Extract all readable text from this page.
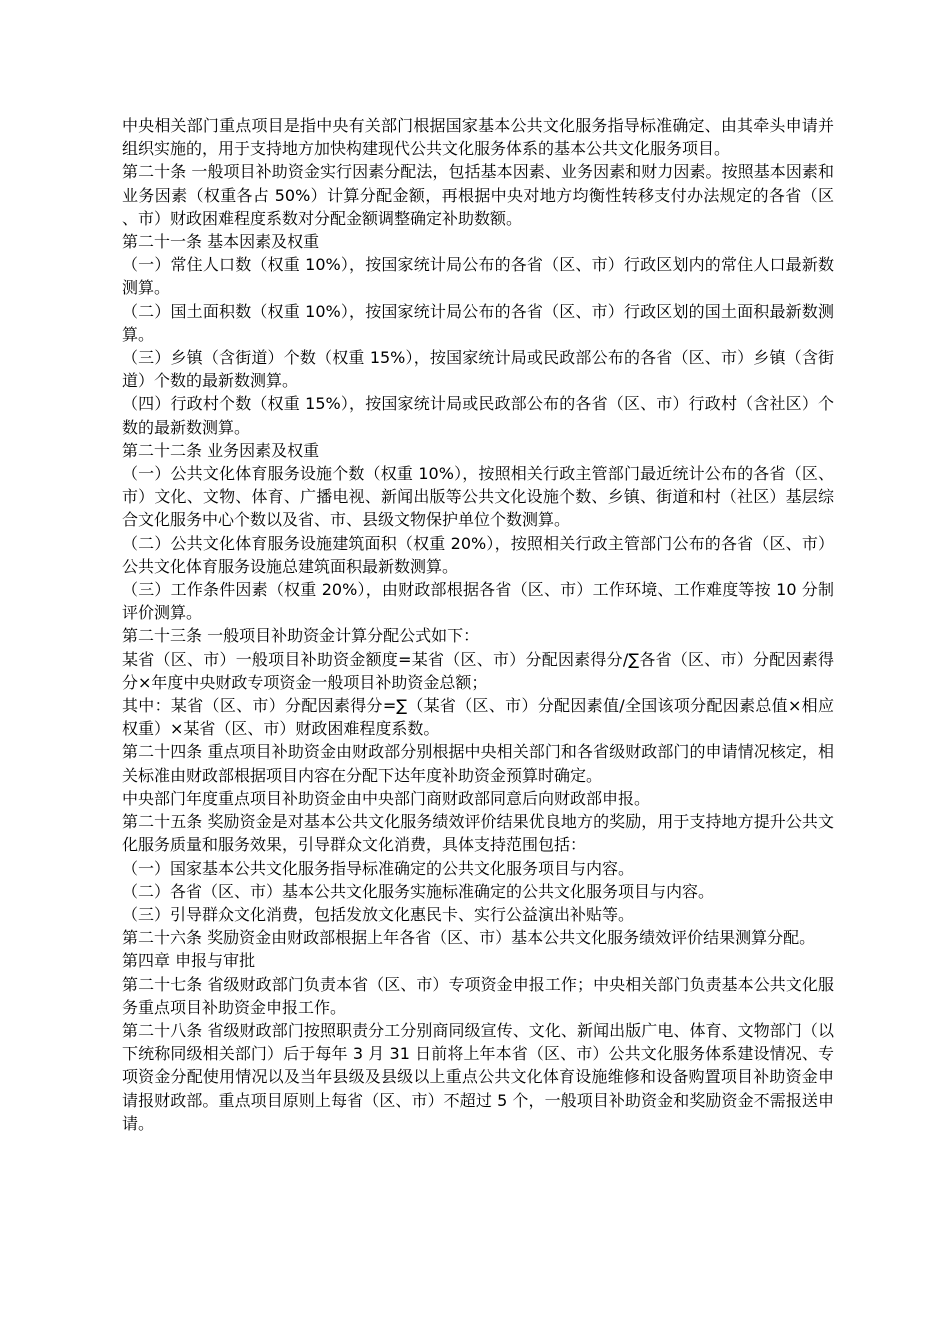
中央相关部门重点项目是指中央有关部门根据国家基本公共文化服务指导标准确定、由其牵头申请并组织实施的，用于支持地方加快构建现代公共文化服务体系的基本公共文化服务项目。

第二十条 一般项目补助资金实行因素分配法，包括基本因素、业务因素和财力因素。按照基本因素和业务因素（权重各占 50%）计算分配金额，再根据中央对地方均衡性转移支付办法规定的各省（区、市）财政困难程度系数对分配金额调整确定补助数额。

第二十一条 基本因素及权重

（一）常住人口数（权重 10%），按国家统计局公布的各省（区、市）行政区划内的常住人口最新数测算。

（二）国土面积数（权重 10%），按国家统计局公布的各省（区、市）行政区划的国土面积最新数测算。

（三）乡镇（含街道）个数（权重 15%），按国家统计局或民政部公布的各省（区、市）乡镇（含街道）个数的最新数测算。

（四）行政村个数（权重 15%），按国家统计局或民政部公布的各省（区、市）行政村（含社区）个数的最新数测算。

第二十二条 业务因素及权重

（一）公共文化体育服务设施个数（权重 10%），按照相关行政主管部门最近统计公布的各省（区、市）文化、文物、体育、广播电视、新闻出版等公共文化设施个数、乡镇、街道和村（社区）基层综合文化服务中心个数以及省、市、县级文物保护单位个数测算。

（二）公共文化体育服务设施建筑面积（权重 20%），按照相关行政主管部门公布的各省（区、市）公共文化体育服务设施总建筑面积最新数测算。

（三）工作条件因素（权重 20%），由财政部根据各省（区、市）工作环境、工作难度等按 10 分制评价测算。

第二十三条 一般项目补助资金计算分配公式如下：

某省（区、市）一般项目补助资金额度=某省（区、市）分配因素得分/∑各省（区、市）分配因素得分×年度中央财政专项资金一般项目补助资金总额；

其中：某省（区、市）分配因素得分=∑（某省（区、市）分配因素值/全国该项分配因素总值×相应权重）×某省（区、市）财政困难程度系数。

第二十四条 重点项目补助资金由财政部分别根据中央相关部门和各省级财政部门的申请情况核定，相关标准由财政部根据项目内容在分配下达年度补助资金预算时确定。

中央部门年度重点项目补助资金由中央部门商财政部同意后向财政部申报。

第二十五条 奖励资金是对基本公共文化服务绩效评价结果优良地方的奖励，用于支持地方提升公共文化服务质量和服务效果，引导群众文化消费，具体支持范围包括：

（一）国家基本公共文化服务指导标准确定的公共文化服务项目与内容。

（二）各省（区、市）基本公共文化服务实施标准确定的公共文化服务项目与内容。

（三）引导群众文化消费，包括发放文化惠民卡、实行公益演出补贴等。

第二十六条 奖励资金由财政部根据上年各省（区、市）基本公共文化服务绩效评价结果测算分配。

第四章 申报与审批

第二十七条 省级财政部门负责本省（区、市）专项资金申报工作；中央相关部门负责基本公共文化服务重点项目补助资金申报工作。

第二十八条 省级财政部门按照职责分工分别商同级宣传、文化、新闻出版广电、体育、文物部门（以下统称同级相关部门）后于每年 3 月 31 日前将上年本省（区、市）公共文化服务体系建设情况、专项资金分配使用情况以及当年县级及县级以上重点公共文化体育设施维修和设备购置项目补助资金申请报财政部。重点项目原则上每省（区、市）不超过 5 个，一般项目补助资金和奖励资金不需报送申请。
